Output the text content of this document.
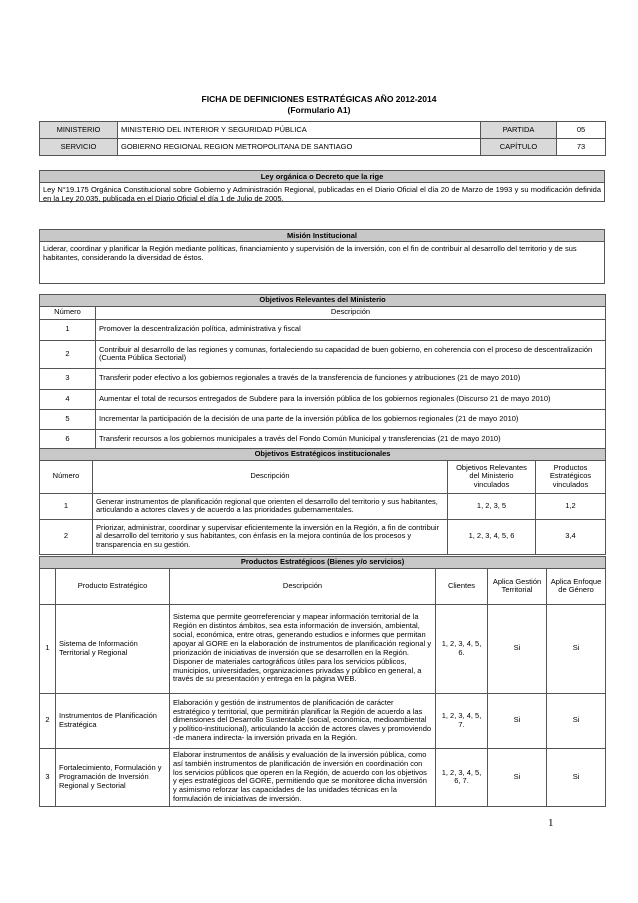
FICHA DE DEFINICIONES ESTRATÉGICAS AÑO 2012-2014
(Formulario A1)
MINISTERIO	MINISTERIO DEL INTERIOR Y SEGURIDAD PÚBLICA	PARTIDA	05
SERVICIO	GOBIERNO REGIONAL REGION METROPOLITANA DE SANTIAGO	CAPÍTULO	73
Ley orgánica o Decreto que la rige
Ley N°19.175 Orgánica Constitucional sobre Gobierno y Administración Regional, publicadas en el Diario Oficial el día 20 de Marzo de 1993 y su modificación definida en la Ley 20.035, publicada en el Diario Oficial el día 1 de Julio de 2005.
Misión Institucional
Liderar, coordinar y planificar la Región mediante políticas, financiamiento y supervisión de la inversión, con el fin de contribuir al desarrollo del territorio y de sus habitantes, considerando la diversidad de éstos.
Objetivos Relevantes del Ministerio	
Número	Descripción
1	Promover la descentralización política, administrativa y fiscal
2	Contribuir al desarrollo de las regiones y comunas, fortaleciendo su capacidad de buen gobierno, en coherencia con el proceso de descentralización (Cuenta Pública Sectorial)
3	Transferir poder efectivo a los gobiernos regionales a través de la transferencia de funciones y atribuciones (21 de mayo 2010)
4	Aumentar el total de recursos entregados de Subdere para la inversión pública de los gobiernos regionales (Discurso 21 de mayo 2010)
5	Incrementar la participación de la decisión de una parte de la inversión pública de los gobiernos regionales (21 de mayo 2010)
6	Transferir recursos a los gobiernos municipales a través del Fondo Común Municipal y transferencias (21 de mayo 2010)
Objetivos Estratégicos institucionales			
Número	Descripción	Objetivos Relevantes del Ministerio vinculados	Productos Estratégicos vinculados
1	Generar instrumentos de planificación regional que orienten el desarrollo del territorio y sus habitantes, articulando a actores claves y de acuerdo a las prioridades gubernamentales.	1, 2, 3, 5	1,2
2	Priorizar, administrar, coordinar y supervisar eficientemente la inversión en la Región, a fin de contribuir al desarrollo del territorio y sus habitantes, con énfasis en la mejora continúa de los procesos y transparencia en su gestión.	1, 2, 3, 4, 5, 6	3,4
Productos Estratégicos (Bienes y/o servicios)					
	Producto Estratégico	Descripción	Clientes	Aplica Gestión Territorial	Aplica Enfoque de Género
1	Sistema de Información Territorial y Regional	Sistema que permite georreferenciar y mapear información territorial de la Región en distintos ámbitos, sea esta información de inversión, ambiental, social, económica, entre otras, generando estudios e informes que permitan apoyar al GORE en la elaboración de instrumentos de planificación regional y priorización de iniciativas de inversión que se desarrollen en la Región. Disponer de materiales cartográficos útiles para los servicios públicos, municipios, universidades, organizaciones privadas y público en general, a través de su presentación y entrega en la página WEB.	1, 2, 3, 4, 5, 6.	Si	Si
2	Instrumentos de Planificación Estratégica	Elaboración y gestión de instrumentos de planificación de carácter estratégico y territorial, que permitirán planificar la Región de acuerdo a las dimensiones del Desarrollo Sustentable (social, económica, medioambiental y político-institucional), articulando la acción de actores claves y promoviendo -de manera indirecta- la inversión privada en la Región.	1, 2, 3, 4, 5, 7.	Si	Si
3	Fortalecimiento, Formulación y Programación de Inversión Regional y Sectorial	Elaborar instrumentos de análisis y evaluación de la inversión pública, como así también instrumentos de planificación de inversión en coordinación con los servicios públicos que operen en la Región, de acuerdo con los objetivos y ejes estratégicos del GORE, permitiendo que se monitoree dicha inversión y asimismo reforzar las capacidades de las unidades técnicas en la formulación de iniciativas de inversión.	1, 2, 3, 4, 5, 6, 7.	Si	Si
1
